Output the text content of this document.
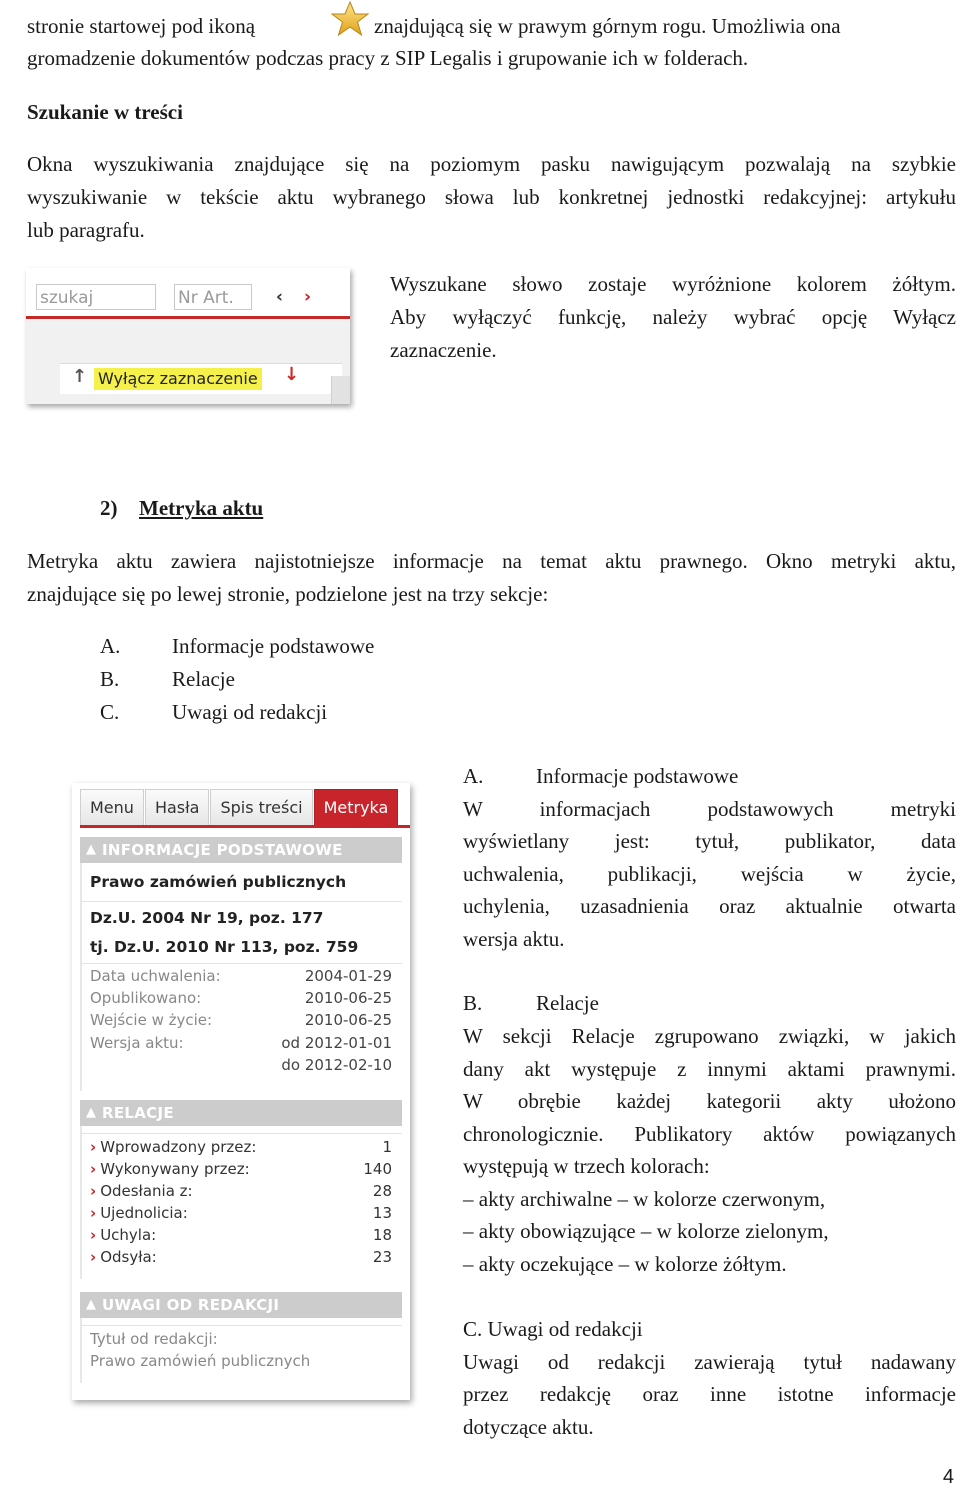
stronie startowej pod ikoną	znajdującą się w prawym górnym rogu. Umożliwia ona
gromadzenie dokumentów podczas pracy z SIP Legalis i grupowanie ich w folderach.
Szukanie w treści
Okna wyszukiwania znajdujące się na poziomym pasku nawigującym pozwalają na szybkie
wyszukiwanie w tekście aktu wybranego słowa lub konkretnej jednostki redakcyjnej: artykułu
lub paragrafu.
szukaj	Nr Art.	‹ ›
↑ Wyłącz zaznaczenie ↓
Wyszukane słowo zostaje wyróżnione kolorem żółtym.
Aby wyłączyć funkcję, należy wybrać opcję Wyłącz
zaznaczenie.
2) Metryka aktu
Metryka aktu zawiera najistotniejsze informacje na temat aktu prawnego. Okno metryki aktu,
znajdujące się po lewej stronie, podzielone jest na trzy sekcje:
A. Informacje podstawowe
B.	Relacje
C.	Uwagi od redakcji
Menu	Hasła	Spis treści	Metryka
▲ INFORMACJE PODSTAWOWE
Prawo zamówień publicznych
Dz.U. 2004 Nr 19, poz. 177
tj. Dz.U. 2010 Nr 113, poz. 759
Data uchwalenia:	2004-01-29
Opublikowano:	2010-06-25
Wejście w życie:	2010-06-25
Wersja aktu:	od 2012-01-01
do 2012-02-10
▲ RELACJE
› Wprowadzony przez:	1
› Wykonywany przez:	140
› Odesłania z:	28
› Ujednolicia:	13
› Uchyla:	18
› Odsyła:	23
▲ UWAGI OD REDAKCJI
Tytuł od redakcji:
Prawo zamówień publicznych
A.	Informacje podstawowe
W informacjach podstawowych metryki
wyświetlany jest: tytuł, publikator, data
uchwalenia, publikacji, wejścia w życie,
uchylenia, uzasadnienia oraz aktualnie otwarta
wersja aktu.
B.	Relacje
W sekcji Relacje zgrupowano związki, w jakich
dany akt występuje z innymi aktami prawnymi.
W obrębie każdej kategorii akty ułożono
chronologicznie. Publikatory aktów powiązanych
występują w trzech kolorach:
– akty archiwalne – w kolorze czerwonym,
– akty obowiązujące – w kolorze zielonym,
– akty oczekujące – w kolorze żółtym.
C. Uwagi od redakcji
Uwagi od redakcji zawierają tytuł nadawany
przez redakcję oraz inne istotne informacje
dotyczące aktu.
4
